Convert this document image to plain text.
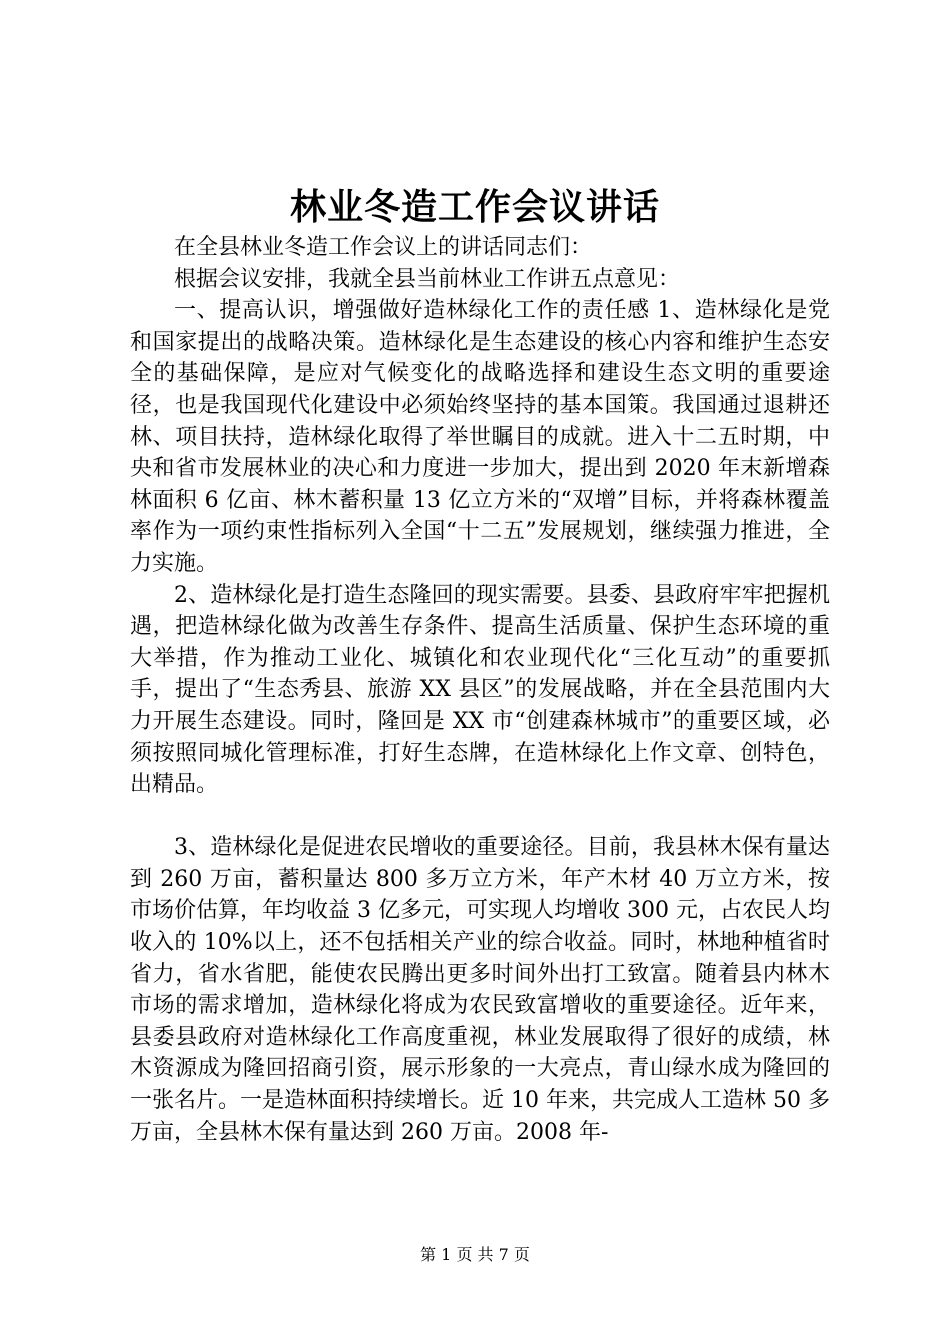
林业冬造工作会议讲话

在全县林业冬造工作会议上的讲话同志们：

根据会议安排，我就全县当前林业工作讲五点意见：

一、提高认识，增强做好造林绿化工作的责任感 1、造林绿化是党和国家提出的战略决策。造林绿化是生态建设的核心内容和维护生态安全的基础保障，是应对气候变化的战略选择和建设生态文明的重要途径，也是我国现代化建设中必须始终坚持的基本国策。我国通过退耕还林、项目扶持，造林绿化取得了举世瞩目的成就。进入十二五时期，中央和省市发展林业的决心和力度进一步加大，提出到 2020 年末新增森林面积 6 亿亩、林木蓄积量 13 亿立方米的“双增”目标，并将森林覆盖率作为一项约束性指标列入全国“十二五”发展规划，继续强力推进，全力实施。

2、造林绿化是打造生态隆回的现实需要。县委、县政府牢牢把握机遇，把造林绿化做为改善生存条件、提高生活质量、保护生态环境的重大举措，作为推动工业化、城镇化和农业现代化“三化互动”的重要抓手，提出了“生态秀县、旅游 XX 县区”的发展战略，并在全县范围内大力开展生态建设。同时，隆回是 XX 市“创建森林城市”的重要区域，必须按照同城化管理标准，打好生态牌，在造林绿化上作文章、创特色，出精品。

3、造林绿化是促进农民增收的重要途径。目前，我县林木保有量达到 260 万亩，蓄积量达 800 多万立方米，年产木材 40 万立方米，按市场价估算，年均收益 3 亿多元，可实现人均增收 300 元，占农民人均收入的 10%以上，还不包括相关产业的综合收益。同时，林地种植省时省力，省水省肥，能使农民腾出更多时间外出打工致富。随着县内林木市场的需求增加，造林绿化将成为农民致富增收的重要途径。近年来，县委县政府对造林绿化工作高度重视，林业发展取得了很好的成绩，林木资源成为隆回招商引资，展示形象的一大亮点，青山绿水成为隆回的一张名片。一是造林面积持续增长。近 10 年来，共完成人工造林 50 多万亩，全县林木保有量达到 260 万亩。2008 年-

第 1 页 共 7 页
